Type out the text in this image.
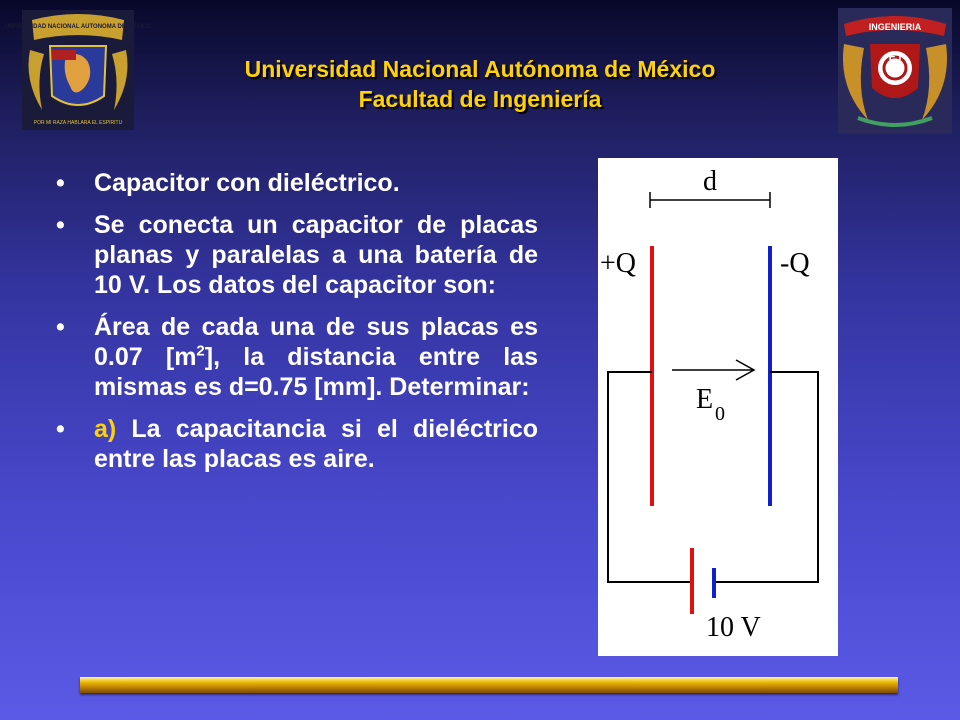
UNIVERSIDAD NACIONAL AUTONOMA DE MEXICO
POR MI RAZA HABLARA EL ESPIRITU
INGENIERIA
F I
Universidad Nacional Autónoma de México
Facultad de Ingeniería
• Capacitor con dieléctrico.
• Se conecta un capacitor de placas planas y paralelas a una batería de 10 V. Los datos del capacitor son:
• Área de cada una de sus placas es 0.07 $[m^2]$, la distancia entre las mismas es d=0.75 [mm]. Determinar:
• a) La capacitancia si el dieléctrico entre las placas es aire.
d
+Q	-Q
10 V
E 0
